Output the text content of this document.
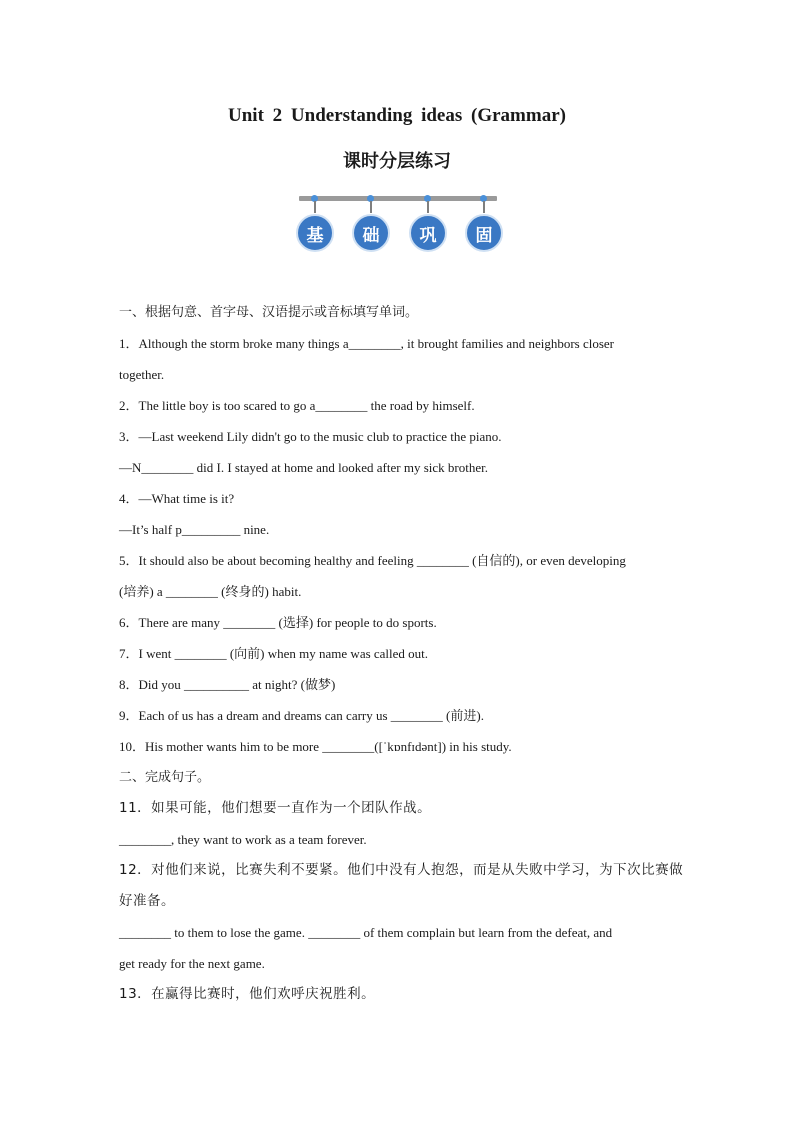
Unit 2 Understanding ideas (Grammar)
课时分层练习
基	础	巩	固

一、根据句意、首字母、汉语提示或音标填写单词。

1．Although the storm broke many things a________, it brought families and neighbors closer

together.

2．The little boy is too scared to go a________ the road by himself.

3．—Last weekend Lily didn't go to the music club to practice the piano.

—N________ did I. I stayed at home and looked after my sick brother.

4．—What time is it?

—It’s half p_________ nine.

5．It should also be about becoming healthy and feeling ________ (自信的), or even developing

(培养) a ________ (终身的) habit.

6．There are many ________ (选择) for people to do sports.

7．I went ________ (向前) when my name was called out.

8．Did you __________ at night? (做梦)

9．Each of us has a dream and dreams can carry us ________ (前进).

10．His mother wants him to be more ________([ˈkɒnfɪdənt]) in his study.

二、完成句子。

11．如果可能，他们想要一直作为一个团队作战。

________, they want to work as a team forever.

12．对他们来说，比赛失利不要紧。他们中没有人抱怨，而是从失败中学习，为下次比赛做

好准备。

________ to them to lose the game. ________ of them complain but learn from the defeat, and

get ready for the next game.

13．在赢得比赛时，他们欢呼庆祝胜利。
